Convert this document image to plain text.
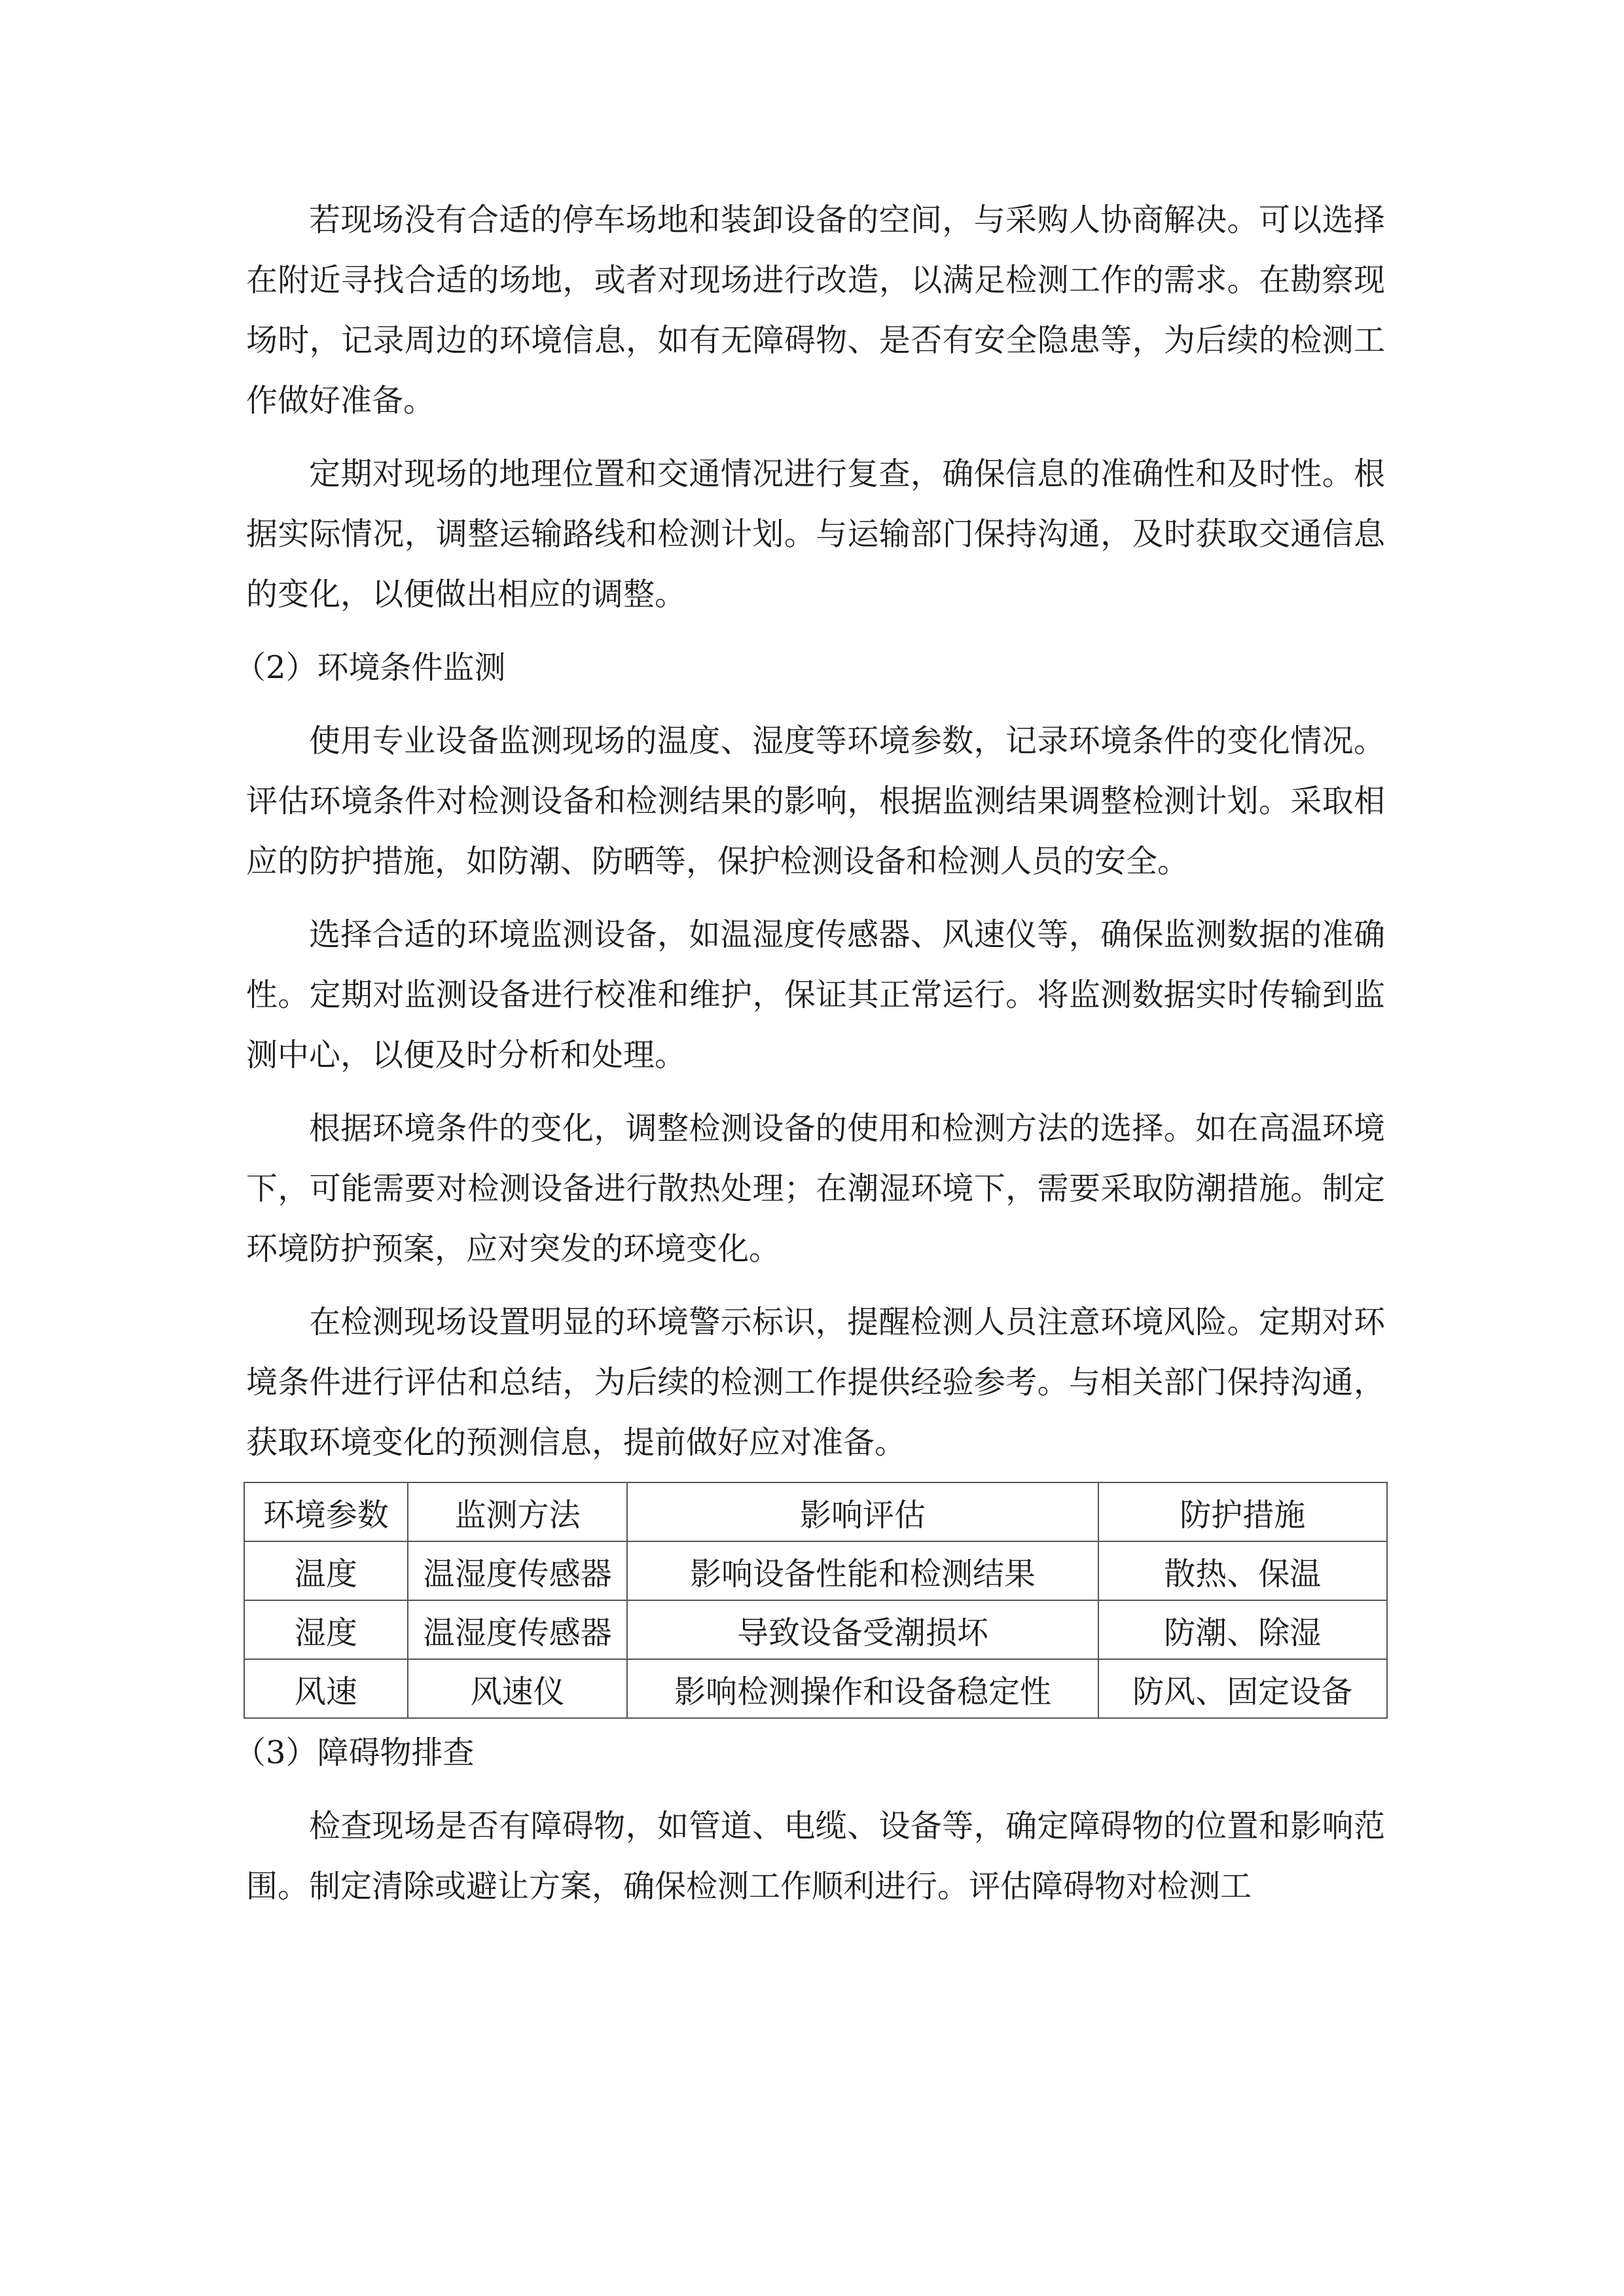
若现场没有合适的停车场地和装卸设备的空间，与采购人协商解决。可以选择在附近寻找合适的场地，或者对现场进行改造，以满足检测工作的需求。在勘察现场时，记录周边的环境信息，如有无障碍物、是否有安全隐患等，为后续的检测工作做好准备。

定期对现场的地理位置和交通情况进行复查，确保信息的准确性和及时性。根据实际情况，调整运输路线和检测计划。与运输部门保持沟通，及时获取交通信息的变化，以便做出相应的调整。

（2）环境条件监测

使用专业设备监测现场的温度、湿度等环境参数，记录环境条件的变化情况。评估环境条件对检测设备和检测结果的影响，根据监测结果调整检测计划。采取相应的防护措施，如防潮、防晒等，保护检测设备和检测人员的安全。

选择合适的环境监测设备，如温湿度传感器、风速仪等，确保监测数据的准确性。定期对监测设备进行校准和维护，保证其正常运行。将监测数据实时传输到监测中心，以便及时分析和处理。

根据环境条件的变化，调整检测设备的使用和检测方法的选择。如在高温环境下，可能需要对检测设备进行散热处理；在潮湿环境下，需要采取防潮措施。制定环境防护预案，应对突发的环境变化。

在检测现场设置明显的环境警示标识，提醒检测人员注意环境风险。定期对环境条件进行评估和总结，为后续的检测工作提供经验参考。与相关部门保持沟通，获取环境变化的预测信息，提前做好应对准备。

环境参数	监测方法	影响评估	防护措施
温度	温湿度传感器	影响设备性能和检测结果	散热、保温
湿度	温湿度传感器	导致设备受潮损坏	防潮、除湿
风速	风速仪	影响检测操作和设备稳定性	防风、固定设备
（3）障碍物排查

检查现场是否有障碍物，如管道、电缆、设备等，确定障碍物的位置和影响范围。制定清除或避让方案，确保检测工作顺利进行。评估障碍物对检测工
